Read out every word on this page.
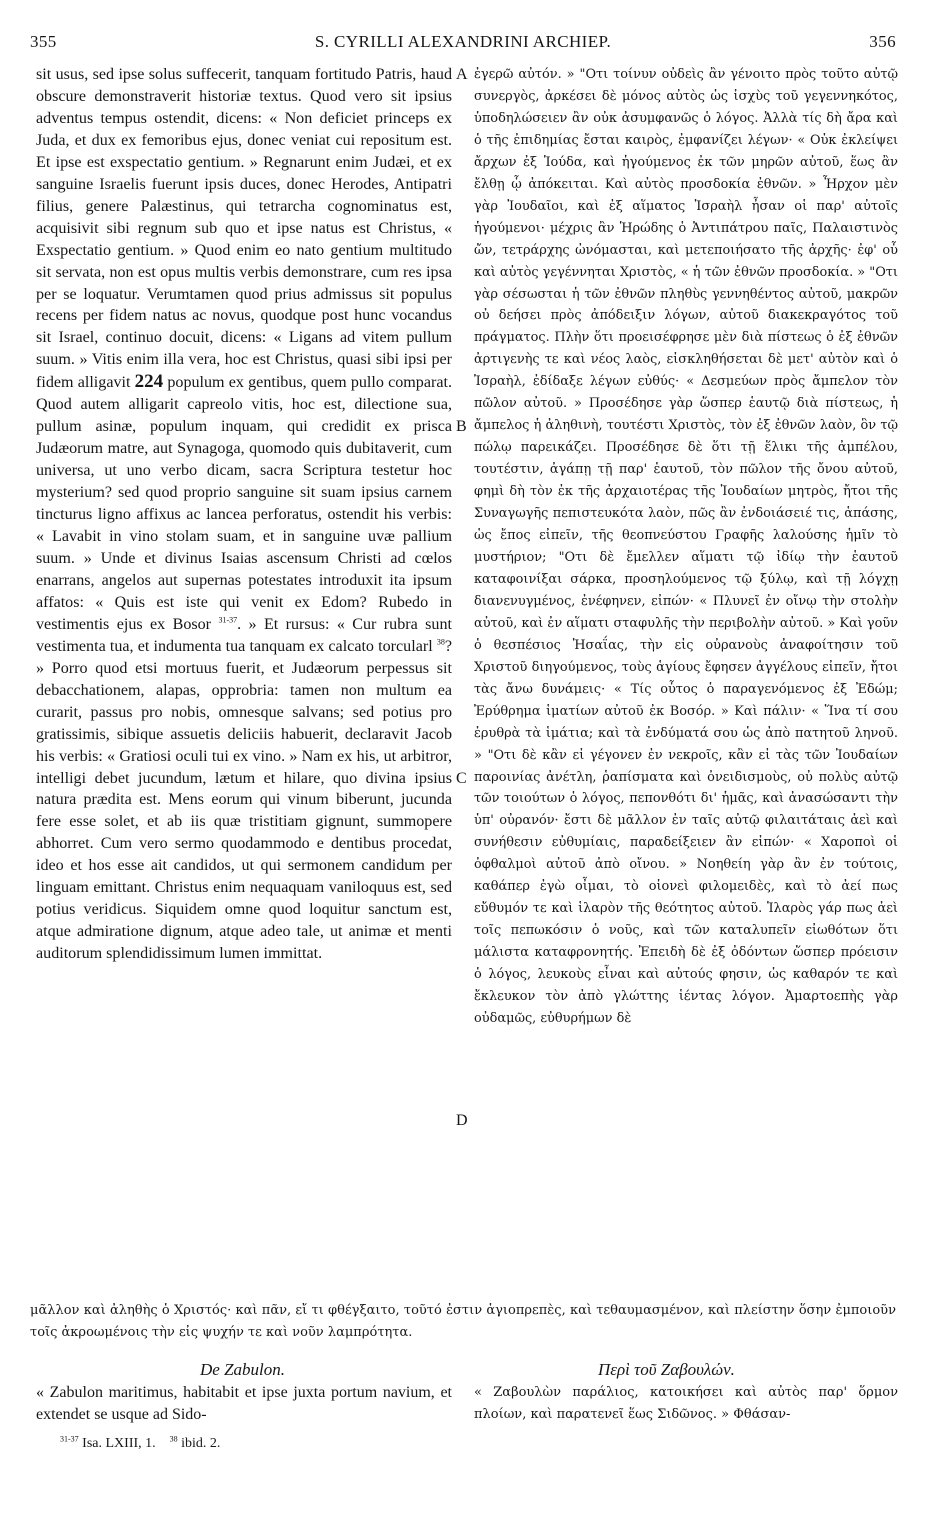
355	S. CYRILLI ALEXANDRINI ARCHIEP.	356

sit usus, sed ipse solus suffecerit, tanquam fortitudo Patris, haud obscure demonstraverit historiæ textus. Quod vero sit ipsius adventus tempus ostendit, dicens: « Non deficiet princeps ex Juda, et dux ex femoribus ejus, donec veniat cui repositum est. Et ipse est exspectatio gentium. » Regnarunt enim Judæi, et ex sanguine Israelis fuerunt ipsis duces, donec Herodes, Antipatri filius, genere Palæstinus, qui tetrarcha cognominatus est, acquisivit sibi regnum sub quo et ipse natus est Christus, « Exspectatio gentium. » Quod enim eo nato gentium multitudo sit servata, non est opus multis verbis demonstrare, cum res ipsa per se loquatur. Verumtamen quod prius admissus sit populus recens per fidem natus ac novus, quodque post hunc vocandus sit Israel, continuo docuit, dicens: « Ligans ad vitem pullum suum. » Vitis enim illa vera, hoc est Christus, quasi sibi ipsi per fidem alligavit 224 populum ex gentibus, quem pullo comparat. Quod autem alligarit capreolo vitis, hoc est, dilectione sua, pullum asinæ, populum inquam, qui credidit ex prisca Judæorum matre, aut Synagoga, quomodo quis dubitaverit, cum universa, ut uno verbo dicam, sacra Scriptura testetur hoc mysterium? sed quod proprio sanguine sit suam ipsius carnem tincturus ligno affixus ac lancea perforatus, ostendit his verbis: « Lavabit in vino stolam suam, et in sanguine uvæ pallium suum. » Unde et divinus Isaias ascensum Christi ad cœlos enarrans, angelos aut supernas potestates introduxit ita ipsum affatos: « Quis est iste qui venit ex Edom? Rubedo in vestimentis ejus ex Bosor $^{31-37}$. » Et rursus: « Cur rubra sunt vestimenta tua, et indumenta tua tanquam ex calcato torcularl $^{38}$? » Porro quod etsi mortuus fuerit, et Judæorum perpessus sit debacchationem, alapas, opprobria: tamen non multum ea curarit, passus pro nobis, omnesque salvans; sed potius pro gratissimis, sibique assuetis deliciis habuerit, declaravit Jacob his verbis: « Gratiosi oculi tui ex vino. » Nam ex his, ut arbitror, intelligi debet jucundum, lætum et hilare, quo divina ipsius natura prædita est. Mens eorum qui vinum biberunt, jucunda fere esse solet, et ab iis quæ tristitiam gignunt, summopere abhorret. Cum vero sermo quodammodo e dentibus procedat, ideo et hos esse ait candidos, ut qui sermonem candidum per linguam emittant. Christus enim nequaquam vaniloquus est, sed potius veridicus. Siquidem omne quod loquitur sanctum est, atque admiratione dignum, atque adeo tale, ut animæ et menti auditorum splendidissimum lumen immittat.

ἐγερῶ αὐτόν. » "Οτι τοίνυν οὐδεὶς ἂν γένοιτο πρὸς τοῦτο αὐτῷ συνεργὸς, ἀρκέσει δὲ μόνος αὐτὸς ὡς ἰσχὺς τοῦ γεγεννηκότος, ὑποδηλώσειεν ἂν οὐκ ἀσυμφανῶς ὁ λόγος. Ἀλλὰ τίς δὴ ἄρα καὶ ὁ τῆς ἐπιδημίας ἔσται καιρὸς, ἐμφανίζει λέγων· « Οὐκ ἐκλείψει ἄρχων ἐξ Ἰούδα, καὶ ἡγούμενος ἐκ τῶν μηρῶν αὐτοῦ, ἕως ἂν ἔλθῃ ᾧ ἀπόκειται. Καὶ αὐτὸς προσδοκία ἐθνῶν. » Ἦρχον μὲν γὰρ Ἰουδαῖοι, καὶ ἐξ αἵματος Ἰσραὴλ ἦσαν οἱ παρ' αὐτοῖς ἡγούμενοι· μέχρις ἂν Ἡρώδης ὁ Ἀντιπάτρου παῖς, Παλαιστινὸς ὤν, τετράρχης ὠνόμασται, καὶ μετεποιήσατο τῆς ἀρχῆς· ἐφ' οὗ καὶ αὐτὸς γεγέννηται Χριστὸς, « ἡ τῶν ἐθνῶν προσδοκία. » "Οτι γὰρ σέσωσται ἡ τῶν ἐθνῶν πληθὺς γεννηθέντος αὐτοῦ, μακρῶν οὐ δεήσει πρὸς ἀπόδειξιν λόγων, αὐτοῦ διακεκραγότος τοῦ πράγματος. Πλὴν ὅτι προεισέφρησε μὲν διὰ πίστεως ὁ ἐξ ἐθνῶν ἀρτιγενὴς τε καὶ νέος λαὸς, εἰσκληθήσεται δὲ μετ' αὐτὸν καὶ ὁ Ἰσραὴλ, ἐδίδαξε λέγων εὐθύς· « Δεσμεύων πρὸς ἄμπελον τὸν πῶλον αὐτοῦ. » Προσέδησε γὰρ ὥσπερ ἑαυτῷ διὰ πίστεως, ἡ ἄμπελος ἡ ἀληθινὴ, τουτέστι Χριστὸς, τὸν ἐξ ἐθνῶν λαὸν, ὃν τῷ πώλῳ παρεικάζει. Προσέδησε δὲ ὅτι τῇ ἕλικι τῆς ἀμπέλου, τουτέστιν, ἀγάπῃ τῇ παρ' ἑαυτοῦ, τὸν πῶλον τῆς ὄνου αὐτοῦ, φημὶ δὴ τὸν ἐκ τῆς ἀρχαιοτέρας τῆς Ἰουδαίων μητρὸς, ἤτοι τῆς Συναγωγῆς πεπιστευκότα λαὸν, πῶς ἂν ἐνδοιάσειέ τις, ἁπάσης, ὡς ἔπος εἰπεῖν, τῆς θεοπνεύστου Γραφῆς λαλούσης ἡμῖν τὸ μυστήριον; "Οτι δὲ ἔμελλεν αἵματι τῷ ἰδίῳ τὴν ἑαυτοῦ καταφοινίξαι σάρκα, προσηλούμενος τῷ ξύλῳ, καὶ τῇ λόγχῃ διανενυγμένος, ἐνέφηνεν, εἰπών· « Πλυνεῖ ἐν οἴνῳ τὴν στολὴν αὐτοῦ, καὶ ἐν αἵματι σταφυλῆς τὴν περιβολὴν αὐτοῦ. » Καὶ γοῦν ὁ θεσπέσιος Ἡσαΐας, τὴν εἰς οὐρανοὺς ἀναφοίτησιν τοῦ Χριστοῦ διηγούμενος, τοὺς ἁγίους ἔφησεν ἀγγέλους εἰπεῖν, ἤτοι τὰς ἄνω δυνάμεις· « Τίς οὗτος ὁ παραγενόμενος ἐξ Ἐδώμ; Ἐρύθρημα ἱματίων αὐτοῦ ἐκ Βοσόρ. » Καὶ πάλιν· « Ἵνα τί σου ἐρυθρὰ τὰ ἱμάτια; καὶ τὰ ἐνδύματά σου ὡς ἀπὸ πατητοῦ ληνοῦ. » "Οτι δὲ κἂν εἰ γέγονεν ἐν νεκροῖς, κἂν εἰ τὰς τῶν Ἰουδαίων παροινίας ἀνέτλη, ῥαπίσματα καὶ ὀνειδισμοὺς, οὐ πολὺς αὐτῷ τῶν τοιούτων ὁ λόγος, πεπονθότι δι' ἡμᾶς, καὶ ἀνασώσαντι τὴν ὑπ' οὐρανόν· ἔστι δὲ μᾶλλον ἐν ταῖς αὐτῷ φιλαιτάταις ἀεὶ καὶ συνήθεσιν εὐθυμίαις, παραδείξειεν ἂν εἰπών· « Χαροποὶ οἱ ὀφθαλμοὶ αὐτοῦ ἀπὸ οἴνου. » Νοηθείη γὰρ ἂν ἐν τούτοις, καθάπερ ἐγὼ οἶμαι, τὸ οἱονεὶ φιλομειδὲς, καὶ τὸ ἀεί πως εὔθυμόν τε καὶ ἱλαρὸν τῆς θεότητος αὐτοῦ. Ἱλαρὸς γάρ πως ἀεὶ τοῖς πεπωκόσιν ὁ νοῦς, καὶ τῶν καταλυπεῖν εἰωθότων ὅτι μάλιστα καταφρονητής. Ἐπειδὴ δὲ ἐξ ὀδόντων ὥσπερ πρόεισιν ὁ λόγος, λευκοὺς εἶναι καὶ αὐτούς φησιν, ὡς καθαρόν τε καὶ ἔκλευκον τὸν ἀπὸ γλώττης ἱέντας λόγον. Ἀμαρτοεπὴς γὰρ οὐδαμῶς, εὐθυρήμων δὲ

A
B
C
D

μᾶλλον καὶ ἀληθὴς ὁ Χριστός· καὶ πᾶν, εἴ τι φθέγξαιτο, τοῦτό ἐστιν ἁγιοπρεπὲς, καὶ τεθαυμασμένον, καὶ πλείστην ὅσην ἐμποιοῦν τοῖς ἀκροωμένοις τὴν εἰς ψυχήν τε καὶ νοῦν λαμπρότητα.

De Zabulon.	Περὶ τοῦ Ζαβουλών.
« Zabulon maritimus, habitabit et ipse juxta portum navium, et extendet se usque ad Sido-
« Ζαβουλὼν παράλιος, κατοικήσει καὶ αὐτὸς παρ' ὅρμον πλοίων, καὶ παρατενεῖ ἕως Σιδῶνος. » Φθάσαν-
$^{31-37}$ Isa. LXIII, 1. $^{38}$ ibid. 2.
